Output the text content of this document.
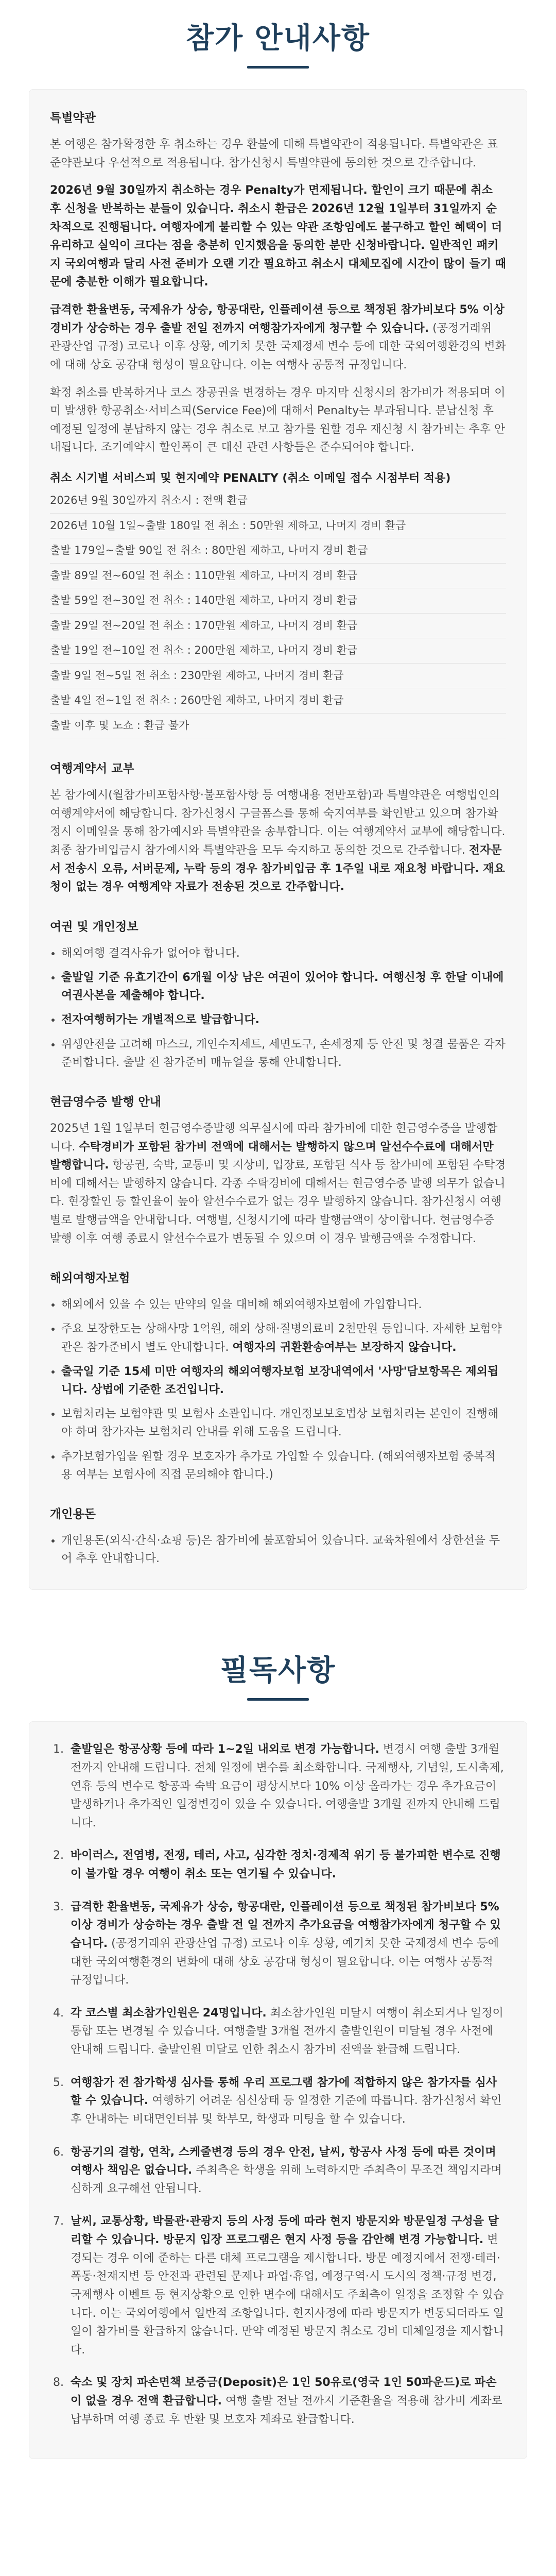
참가 안내사항
특별약관

본 여행은 참가확정한 후 취소하는 경우 환불에 대해 특별약관이 적용됩니다. 특별약관은 표준약관보다 우선적으로 적용됩니다. 참가신청시 특별약관에 동의한 것으로 간주합니다.

2026년 9월 30일까지 취소하는 경우 Penalty가 면제됩니다. 할인이 크기 때문에 취소 후 신청을 반복하는 분들이 있습니다. 취소시 환급은 2026년 12월 1일부터 31일까지 순차적으로 진행됩니다. 여행자에게 불리할 수 있는 약관 조항임에도 불구하고 할인 혜택이 더 유리하고 실익이 크다는 점을 충분히 인지했음을 동의한 분만 신청바랍니다. 일반적인 패키지 국외여행과 달리 사전 준비가 오랜 기간 필요하고 취소시 대체모집에 시간이 많이 들기 때문에 충분한 이해가 필요합니다.

급격한 환율변동, 국제유가 상승, 항공대란, 인플레이션 등으로 책정된 참가비보다 5% 이상 경비가 상승하는 경우 출발 전일 전까지 여행참가자에게 청구할 수 있습니다. (공정거래위 관광산업 규정) 코로나 이후 상황, 예기치 못한 국제정세 변수 등에 대한 국외여행환경의 변화에 대해 상호 공감대 형성이 필요합니다. 이는 여행사 공통적 규정입니다.

확정 취소를 반복하거나 코스 장공권을 변경하는 경우 마지막 신청시의 참가비가 적용되며 이미 발생한 항공취소·서비스피(Service Fee)에 대해서 Penalty는 부과됩니다. 분납신청 후 예정된 일정에 분납하지 않는 경우 취소로 보고 참가를 원할 경우 재신청 시 참가비는 추후 안내됩니다. 조기예약시 할인폭이 큰 대신 관련 사항들은 준수되어야 합니다.

취소 시기별 서비스피 및 현지예약 PENALTY (취소 이메일 접수 시점부터 적용)
2026년 9월 30일까지 취소시 : 전액 환급
2026년 10월 1일~출발 180일 전 취소 : 50만원 제하고, 나머지 경비 환급
출발 179일~출발 90일 전 취소 : 80만원 제하고, 나머지 경비 환급
출발 89일 전~60일 전 취소 : 110만원 제하고, 나머지 경비 환급
출발 59일 전~30일 전 취소 : 140만원 제하고, 나머지 경비 환급
출발 29일 전~20일 전 취소 : 170만원 제하고, 나머지 경비 환급
출발 19일 전~10일 전 취소 : 200만원 제하고, 나머지 경비 환급
출발 9일 전~5일 전 취소 : 230만원 제하고, 나머지 경비 환급
출발 4일 전~1일 전 취소 : 260만원 제하고, 나머지 경비 환급
출발 이후 및 노쇼 : 환급 불가
여행계약서 교부

본 참가예시(월참가비포함사항·불포함사항 등 여행내용 전반포함)과 특별약관은 여행법인의 여행계약서에 해당합니다. 참가신청시 구글폼스를 통해 숙지여부를 확인받고 있으며 참가확정시 이메일을 통해 참가예시와 특별약관을 송부합니다. 이는 여행계약서 교부에 해당합니다. 최종 참가비입금시 참가예시와 특별약관을 모두 숙지하고 동의한 것으로 간주합니다. 전자문서 전송시 오류, 서버문제, 누락 등의 경우 참가비입금 후 1주일 내로 재요청 바랍니다. 재요청이 없는 경우 여행계약 자료가 전송된 것으로 간주합니다.

여권 및 개인정보
• 해외여행 결격사유가 없어야 합니다.
• 출발일 기준 유효기간이 6개월 이상 남은 여권이 있어야 합니다. 여행신청 후 한달 이내에 여권사본을 제출해야 합니다.
• 전자여행허가는 개별적으로 발급합니다.
• 위생안전을 고려해 마스크, 개인수저세트, 세면도구, 손세정제 등 안전 및 청결 물품은 각자 준비합니다. 출발 전 참가준비 매뉴얼을 통해 안내합니다.
현금영수증 발행 안내

2025년 1월 1일부터 현금영수증발행 의무실시에 따라 참가비에 대한 현금영수증을 발행합니다. 수탁경비가 포함된 참가비 전액에 대해서는 발행하지 않으며 알선수수료에 대해서만 발행합니다. 항공권, 숙박, 교통비 및 지상비, 입장료, 포함된 식사 등 참가비에 포함된 수탁경비에 대해서는 발행하지 않습니다. 각종 수탁경비에 대해서는 현금영수증 발행 의무가 없습니다. 현장할인 등 할인율이 높아 알선수수료가 없는 경우 발행하지 않습니다. 참가신청시 여행별로 발행금액을 안내합니다. 여행별, 신청시기에 따라 발행금액이 상이합니다. 현금영수증 발행 이후 여행 종료시 알선수수료가 변동될 수 있으며 이 경우 발행금액을 수정합니다.

해외여행자보험
• 해외에서 있을 수 있는 만약의 일을 대비해 해외여행자보험에 가입합니다.
• 주요 보장한도는 상해사망 1억원, 해외 상해·질병의료비 2천만원 등입니다. 자세한 보험약관은 참가준비시 별도 안내합니다. 여행자의 귀환환송여부는 보장하지 않습니다.
• 출국일 기준 15세 미만 여행자의 해외여행자보험 보장내역에서 '사망'담보항목은 제외됩니다. 상법에 기준한 조건입니다.
• 보험처리는 보험약관 및 보험사 소관입니다. 개인정보보호법상 보험처리는 본인이 진행해야 하며 참가자는 보험처리 안내를 위해 도움을 드립니다.
• 추가보험가입을 원할 경우 보호자가 추가로 가입할 수 있습니다. (해외여행자보험 중복적용 여부는 보험사에 직접 문의해야 합니다.)
개인용돈
• 개인용돈(외식·간식·쇼핑 등)은 참가비에 불포함되어 있습니다. 교육차원에서 상한선을 두어 추후 안내합니다.
필독사항
1. 출발일은 항공상황 등에 따라 1~2일 내외로 변경 가능합니다. 변경시 여행 출발 3개월 전까지 안내해 드립니다. 전체 일정에 변수를 최소화합니다. 국제행사, 기념일, 도시축제, 연휴 등의 변수로 항공과 숙박 요금이 평상시보다 10% 이상 올라가는 경우 추가요금이 발생하거나 추가적인 일정변경이 있을 수 있습니다. 여행출발 3개월 전까지 안내해 드립니다.
2. 바이러스, 전염병, 전쟁, 테러, 사고, 심각한 정치·경제적 위기 등 불가피한 변수로 진행이 불가할 경우 여행이 취소 또는 연기될 수 있습니다.
3. 급격한 환율변동, 국제유가 상승, 항공대란, 인플레이션 등으로 책정된 참가비보다 5% 이상 경비가 상승하는 경우 출발 전 일 전까지 추가요금을 여행참가자에게 청구할 수 있습니다. (공정거래위 관광산업 규정) 코로나 이후 상황, 예기치 못한 국제정세 변수 등에 대한 국외여행환경의 변화에 대해 상호 공감대 형성이 필요합니다. 이는 여행사 공통적 규정입니다.
4. 각 코스별 최소참가인원은 24명입니다. 최소참가인원 미달시 여행이 취소되거나 일정이 통합 또는 변경될 수 있습니다. 여행출발 3개월 전까지 출발인원이 미달될 경우 사전에 안내해 드립니다. 출발인원 미달로 인한 취소시 참가비 전액을 환급해 드립니다.
5. 여행참가 전 참가학생 심사를 통해 우리 프로그램 참가에 적합하지 않은 참가자를 심사할 수 있습니다. 여행하기 어려운 심신상태 등 일정한 기준에 따릅니다. 참가신청서 확인 후 안내하는 비대면인터뷰 및 학부모, 학생과 미팅을 할 수 있습니다.
6. 항공기의 결항, 연착, 스케줄변경 등의 경우 안전, 날씨, 항공사 사정 등에 따른 것이며 여행사 책임은 없습니다. 주최측은 학생을 위해 노력하지만 주최측이 무조건 책임지라며 심하게 요구해선 안됩니다.
7. 날씨, 교통상황, 박물관·관광지 등의 사정 등에 따라 현지 방문지와 방문일정 구성을 달리할 수 있습니다. 방문지 입장 프로그램은 현지 사정 등을 감안해 변경 가능합니다. 변경되는 경우 이에 준하는 다른 대체 프로그램을 제시합니다. 방문 예정지에서 전쟁·테러·폭동·천재지변 등 안전과 관련된 문제나 파업·휴업, 예정구역·시 도시의 정책·규정 변경, 국제행사 이벤트 등 현지상황으로 인한 변수에 대해서도 주최측이 일정을 조정할 수 있습니다. 이는 국외여행에서 일반적 조항입니다. 현지사정에 따라 방문지가 변동되더라도 일일이 참가비를 환급하지 않습니다. 만약 예정된 방문지 취소로 경비 대체일정을 제시합니다.
8. 숙소 및 장치 파손면책 보증금(Deposit)은 1인 50유로(영국 1인 50파운드)로 파손이 없을 경우 전액 환급합니다. 여행 출발 전날 전까지 기준환율을 적용해 참가비 계좌로 납부하며 여행 종료 후 반환 및 보호자 계좌로 환급합니다.
